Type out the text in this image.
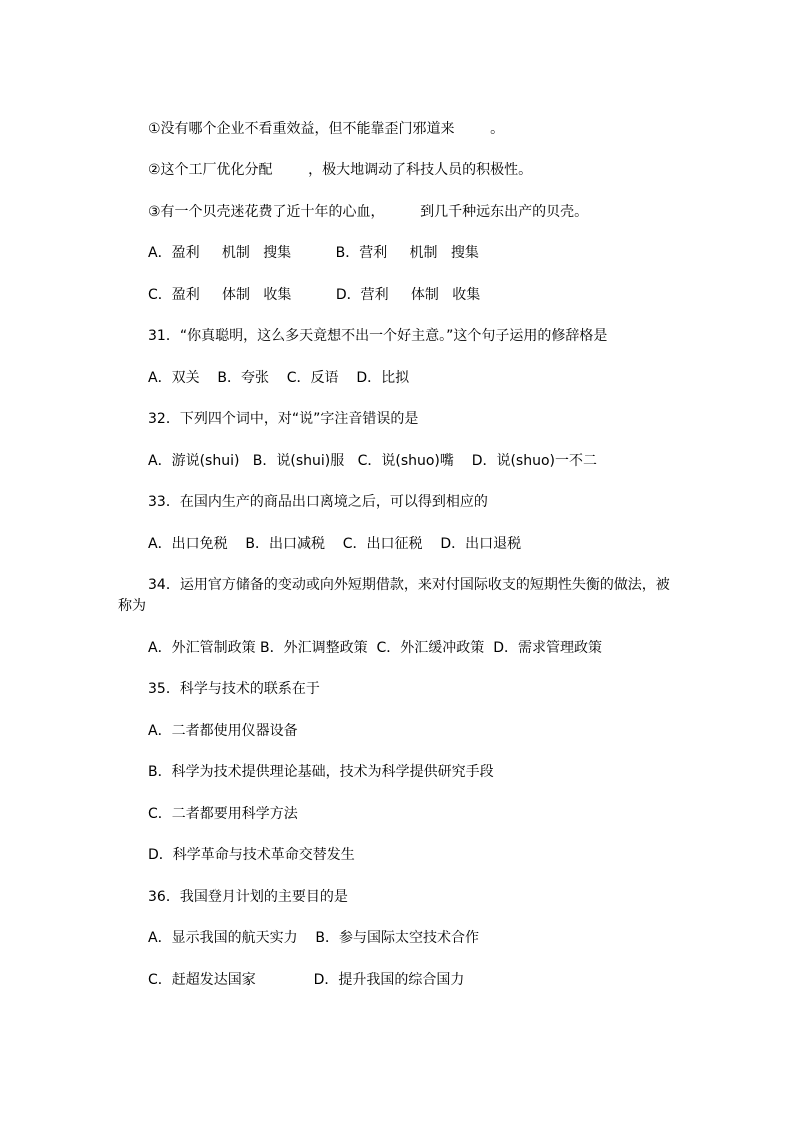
①没有哪个企业不看重效益，但不能靠歪门邪道来        。
②这个工厂优化分配        ，极大地调动了科技人员的积极性。
③有一个贝壳迷花费了近十年的心血，        到几千种远东出产的贝壳。
A．盈利     机制   搜集          B．营利     机制   搜集
C．盈利     体制   收集          D．营利     体制   收集
31．“你真聪明，这么多天竟想不出一个好主意。”这个句子运用的修辞格是
A．双关    B．夸张    C．反语    D．比拟
32．下列四个词中，对“说”字注音错误的是
A．游说(shui)   B．说(shui)服   C．说(shuo)嘴    D．说(shuo)一不二
33．在国内生产的商品出口离境之后，可以得到相应的
A．出口免税    B．出口减税    C．出口征税    D．出口退税
34．运用官方储备的变动或向外短期借款，来对付国际收支的短期性失衡的做法，被
称为
A．外汇管制政策 B．外汇调整政策  C．外汇缓冲政策  D．需求管理政策
35．科学与技术的联系在于
A．二者都使用仪器设备
B．科学为技术提供理论基础，技术为科学提供研究手段
C．二者都要用科学方法
D．科学革命与技术革命交替发生
36．我国登月计划的主要目的是
A．显示我国的航天实力    B．参与国际太空技术合作
C．赶超发达国家             D．提升我国的综合国力
